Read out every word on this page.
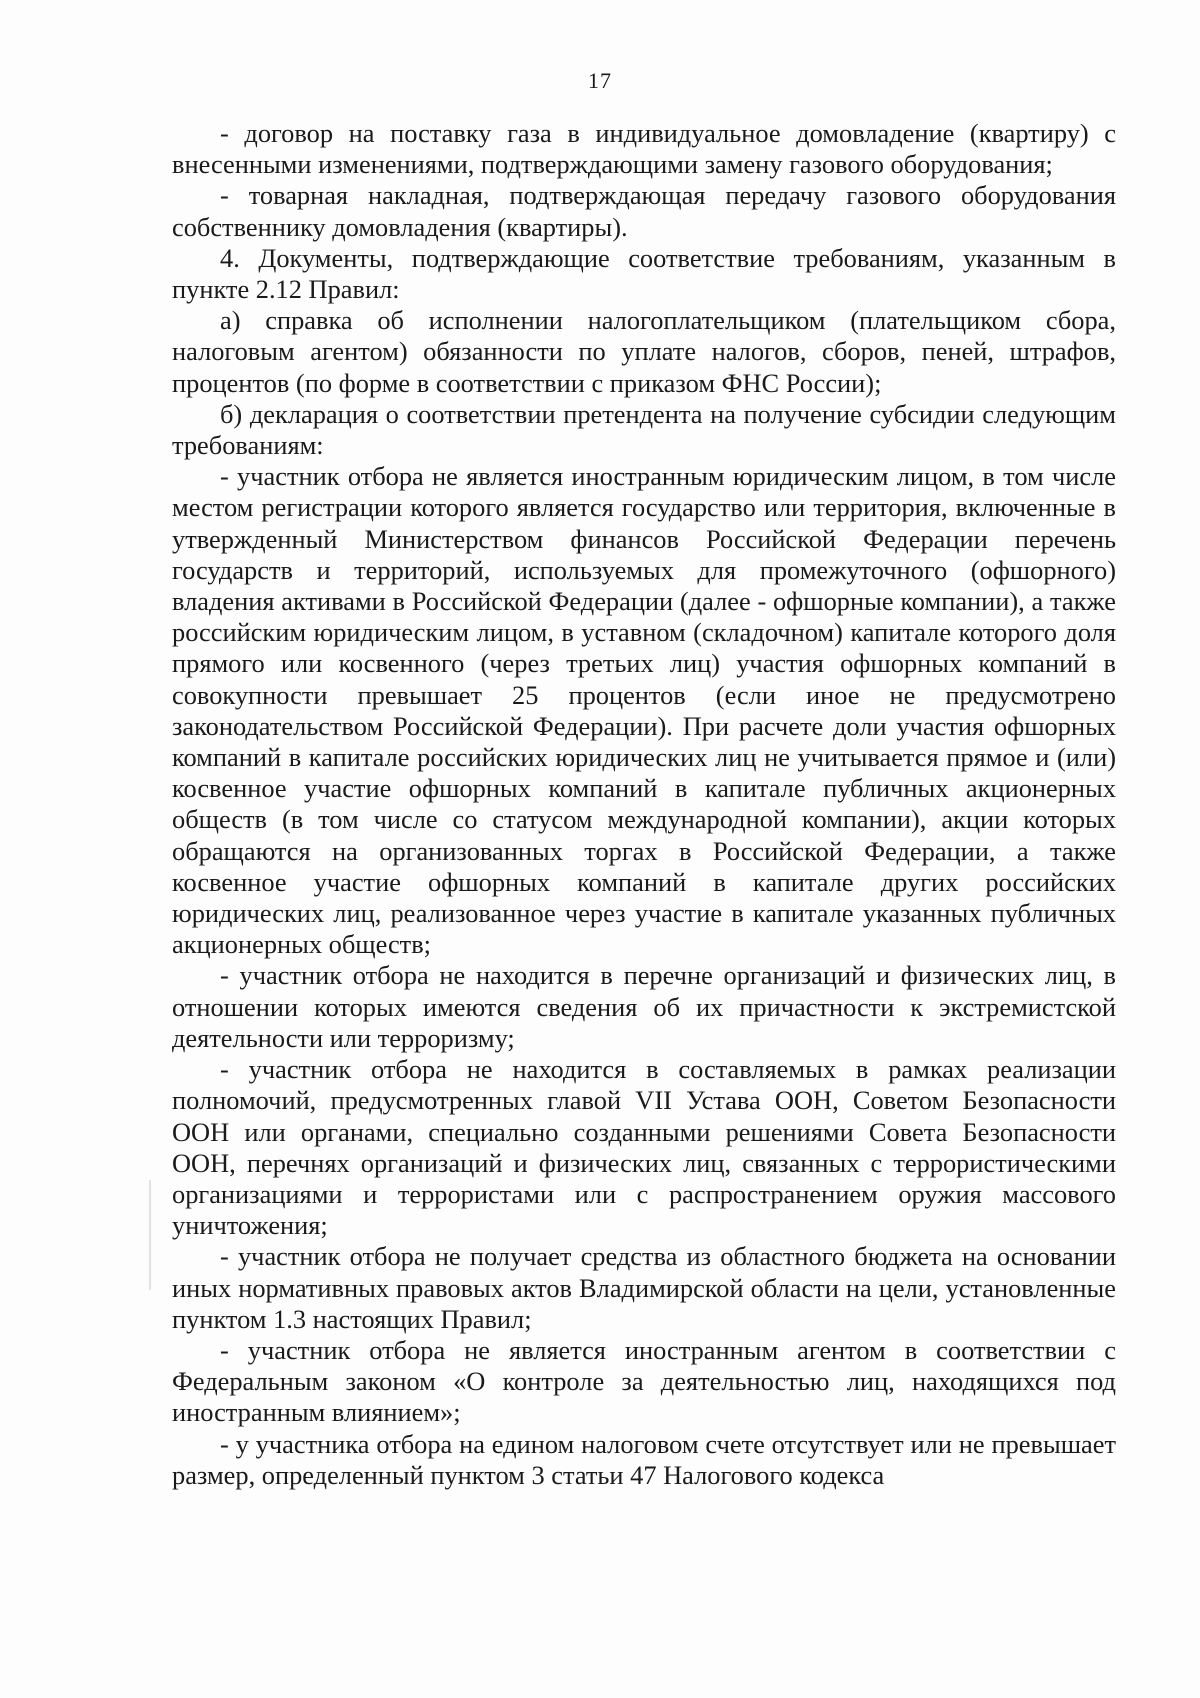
17

- договор на поставку газа в индивидуальное домовладение (квартиру) с внесенными изменениями, подтверждающими замену газового оборудования;

- товарная накладная, подтверждающая передачу газового оборудования собственнику домовладения (квартиры).

4. Документы, подтверждающие соответствие требованиям, указанным в пункте 2.12 Правил:

а) справка об исполнении налогоплательщиком (плательщиком сбора, налоговым агентом) обязанности по уплате налогов, сборов, пеней, штрафов, процентов (по форме в соответствии с приказом ФНС России);

б) декларация о соответствии претендента на получение субсидии следующим требованиям:

- участник отбора не является иностранным юридическим лицом, в том числе местом регистрации которого является государство или территория, включенные в утвержденный Министерством финансов Российской Федерации перечень государств и территорий, используемых для промежуточного (офшорного) владения активами в Российской Федерации (далее - офшорные компании), а также российским юридическим лицом, в уставном (складочном) капитале которого доля прямого или косвенного (через третьих лиц) участия офшорных компаний в совокупности превышает 25 процентов (если иное не предусмотрено законодательством Российской Федерации). При расчете доли участия офшорных компаний в капитале российских юридических лиц не учитывается прямое и (или) косвенное участие офшорных компаний в капитале публичных акционерных обществ (в том числе со статусом международной компании), акции которых обращаются на организованных торгах в Российской Федерации, а также косвенное участие офшорных компаний в капитале других российских юридических лиц, реализованное через участие в капитале указанных публичных акционерных обществ;

- участник отбора не находится в перечне организаций и физических лиц, в отношении которых имеются сведения об их причастности к экстремистской деятельности или терроризму;

- участник отбора не находится в составляемых в рамках реализации полномочий, предусмотренных главой VII Устава ООН, Советом Безопасности ООН или органами, специально созданными решениями Совета Безопасности ООН, перечнях организаций и физических лиц, связанных с террористическими организациями и террористами или с распространением оружия массового уничтожения;

- участник отбора не получает средства из областного бюджета на основании иных нормативных правовых актов Владимирской области на цели, установленные пунктом 1.3 настоящих Правил;

- участник отбора не является иностранным агентом в соответствии с Федеральным законом «О контроле за деятельностью лиц, находящихся под иностранным влиянием»;

- у участника отбора на едином налоговом счете отсутствует или не превышает размер, определенный пунктом 3 статьи 47 Налогового кодекса
